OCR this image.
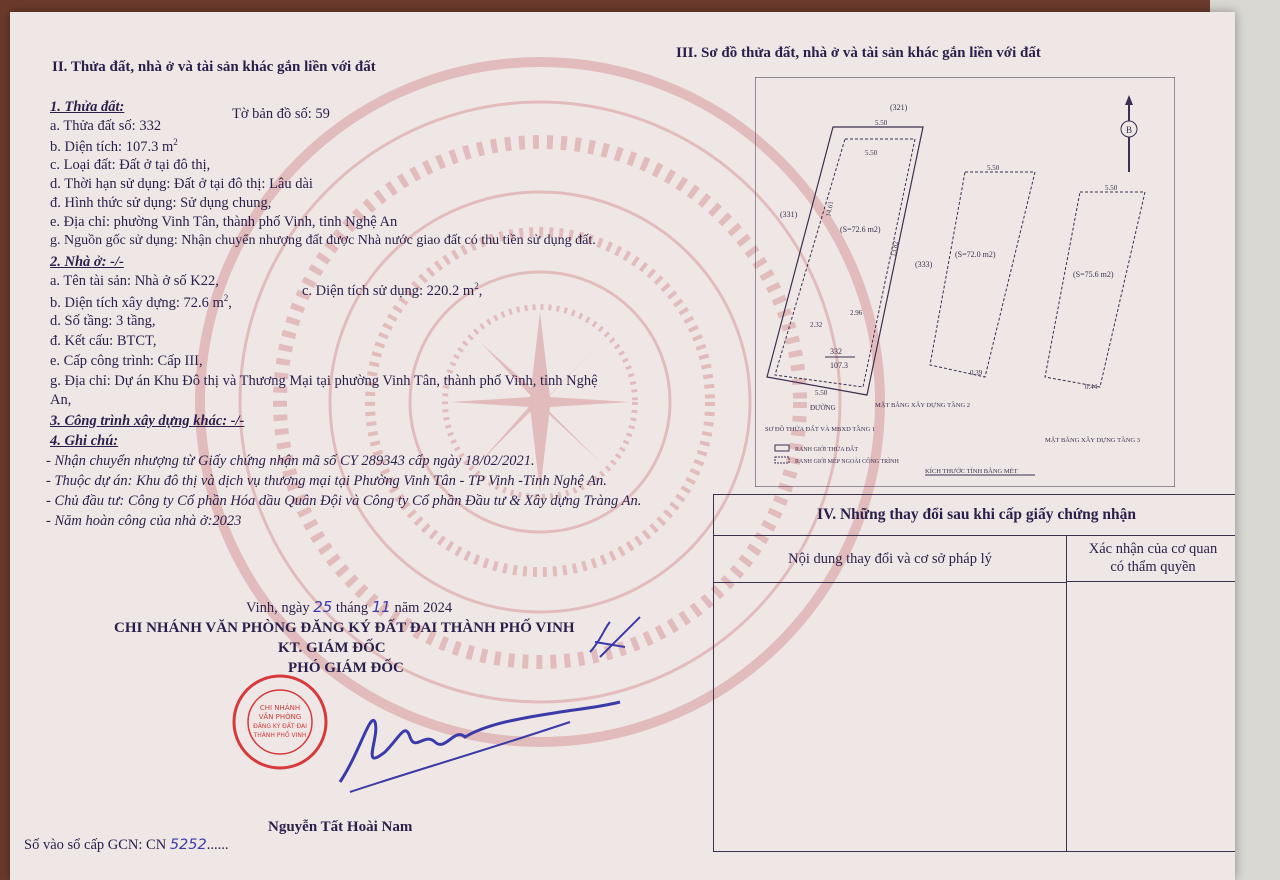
II. Thửa đất, nhà ở và tài sản khác gắn liền với đất
1. Thửa đất:
a. Thửa đất số: 332
Tờ bản đồ số: 59
b. Diện tích: 107.3 $m^2$
c. Loại đất: Đất ở tại đô thị,
d. Thời hạn sử dụng: Đất ở tại đô thị: Lâu dài
đ. Hình thức sử dụng: Sử dụng chung,
e. Địa chỉ: phường Vinh Tân, thành phố Vinh, tỉnh Nghệ An
g. Nguồn gốc sử dụng: Nhận chuyển nhượng đất được Nhà nước giao đất có thu tiền sử dụng đất.
2. Nhà ở: -/-
a. Tên tài sản: Nhà ở số K22,
b. Diện tích xây dựng: 72.6 $m^2$,
c. Diện tích sử dụng: 220.2 $m^2$,
d. Số tầng: 3 tầng,
đ. Kết cấu: BTCT,
e. Cấp công trình: Cấp III,
g. Địa chỉ: Dự án Khu Đô thị và Thương Mại tại phường Vinh Tân, thành phố Vinh, tỉnh Nghệ
An,
3. Công trình xây dựng khác: -/-
4. Ghi chú:
- Nhận chuyển nhượng từ Giấy chứng nhận mã số CY 289343 cấp ngày 18/02/2021.
- Thuộc dự án: Khu đô thị và dịch vụ thương mại tại Phường Vinh Tân - TP Vinh -Tỉnh Nghệ An.
- Chủ đầu tư: Công ty Cổ phần Hóa dầu Quân Đội và Công ty Cổ phần Đầu tư & Xây dựng Tràng An.
- Năm hoàn công của nhà ở:2023
Vinh, ngày 25 tháng 11 năm 2024
CHI NHÁNH VĂN PHÒNG ĐĂNG KÝ ĐẤT ĐAI THÀNH PHỐ VINH
KT. GIÁM ĐỐC
PHÓ GIÁM ĐỐC
CHI NHÁNH
VĂN PHÒNG
ĐĂNG KÝ ĐẤT ĐAI
THÀNH PHỐ VINH
Nguyễn Tất Hoài Nam
Số vào sổ cấp GCN: CN 5252......
III. Sơ đồ thửa đất, nhà ở và tài sản khác gắn liền với đất
B
(321)
5.50
5.50
(331)	14.61
13.82
(S=72.6 m2)
(333)
332
107.3
2.32
2.96
5.50
ĐƯỜNG
SƠ ĐỒ THỬA ĐẤT VÀ MBXD TẦNG 1
5.50
(S=72.0 m2)
0.39
MẶT BẰNG XÂY DỰNG TẦNG 2
5.50
(S=75.6 m2)
0.44
MẶT BẰNG XÂY DỰNG TẦNG 3
RANH GIỚI THỬA ĐẤT
RANH GIỚI MÉP NGOÀI CÔNG TRÌNH
KÍCH THƯỚC TÍNH BẰNG MÉT
IV. Những thay đổi sau khi cấp giấy chứng nhận
Nội dung thay đổi và cơ sở pháp lý
Xác nhận của cơ quan
có thẩm quyền
